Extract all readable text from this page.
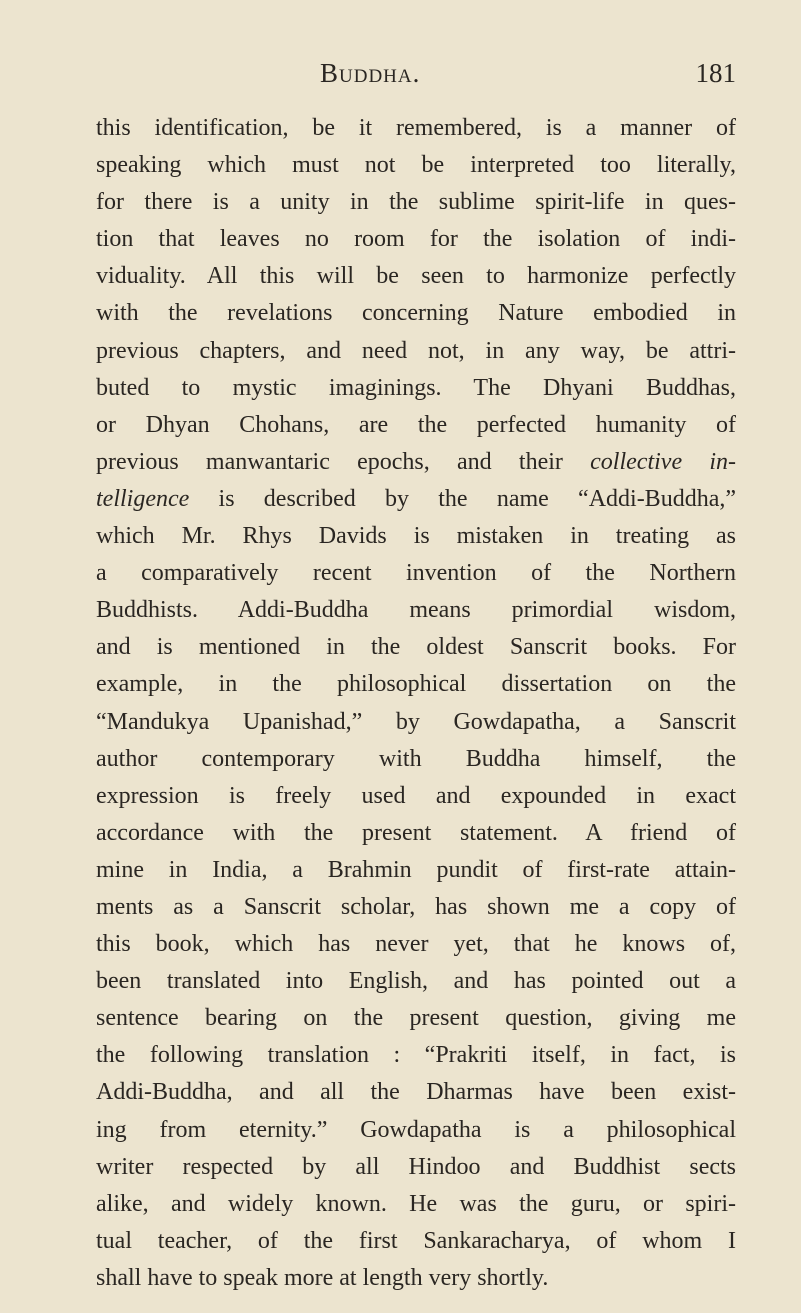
Buddha.	181
this identification, be it remembered, is a manner of
speaking which must not be interpreted too literally,
for there is a unity in the sublime spirit-life in ques-
tion that leaves no room for the isolation of indi-
viduality. All this will be seen to harmonize perfectly
with the revelations concerning Nature embodied in
previous chapters, and need not, in any way, be attri-
buted to mystic imaginings. The Dhyani Buddhas,
or Dhyan Chohans, are the perfected humanity of
previous manwantaric epochs, and their collective in-
telligence is described by the name “Addi-Buddha,”
which Mr. Rhys Davids is mistaken in treating as
a comparatively recent invention of the Northern
Buddhists. Addi-Buddha means primordial wisdom,
and is mentioned in the oldest Sanscrit books. For
example, in the philosophical dissertation on the
“Mandukya Upanishad,” by Gowdapatha, a Sanscrit
author contemporary with Buddha himself, the
expression is freely used and expounded in exact
accordance with the present statement. A friend of
mine in India, a Brahmin pundit of first-rate attain-
ments as a Sanscrit scholar, has shown me a copy of
this book, which has never yet, that he knows of,
been translated into English, and has pointed out a
sentence bearing on the present question, giving me
the following translation : “Prakriti itself, in fact, is
Addi-Buddha, and all the Dharmas have been exist-
ing from eternity.” Gowdapatha is a philosophical
writer respected by all Hindoo and Buddhist sects
alike, and widely known. He was the guru, or spiri-
tual teacher, of the first Sankaracharya, of whom I
shall have to speak more at length very shortly.
